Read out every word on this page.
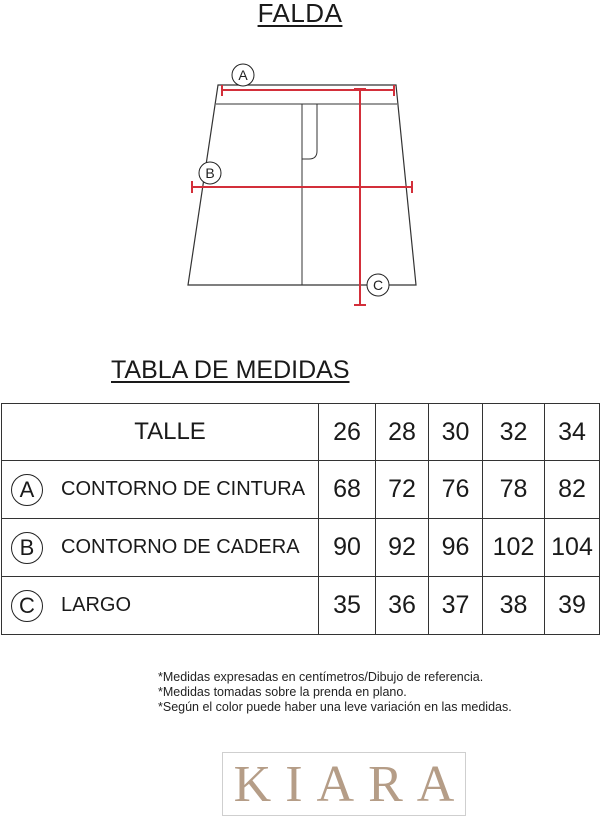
FALDA
A
B
C
TABLA DE MEDIDAS
TALLE	26	28	30	32	34

A CONTORNO DE CINTURA	68	72	76	78	82

B CONTORNO DE CADERA	90	92	96	102	104

C LARGO	35	36	37	38	39
*Medidas expresadas en centímetros/Dibujo de referencia.
*Medidas tomadas sobre la prenda en plano.
*Según el color puede haber una leve variación en las medidas.
KIARA
